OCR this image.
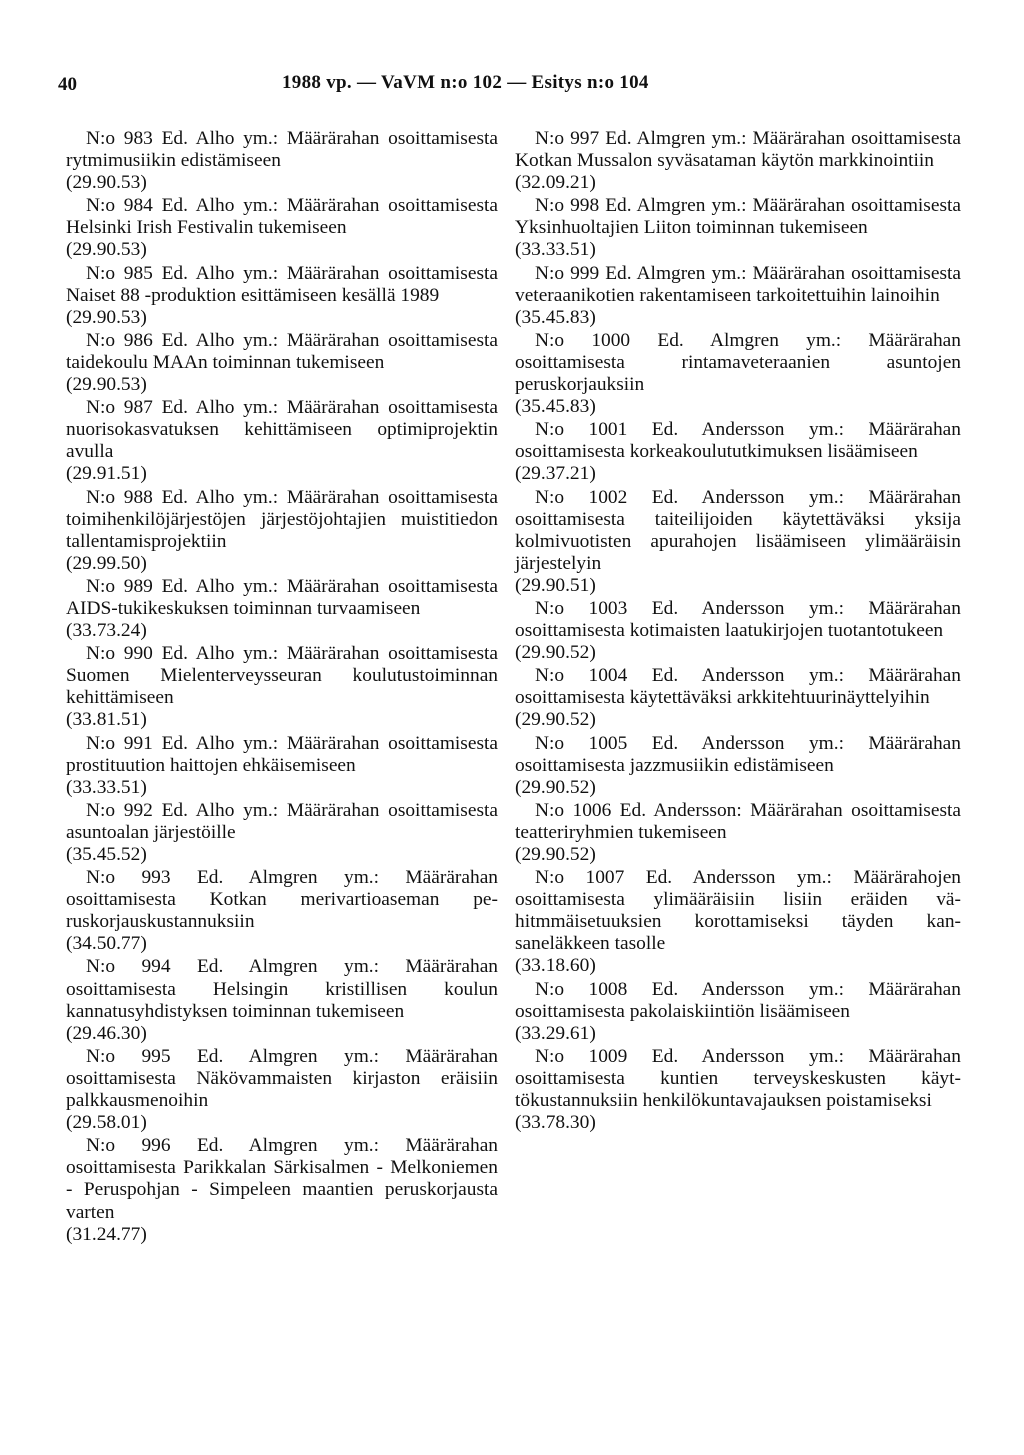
40	1988 vp. — VaVM n:o 102 — Esitys n:o 104

N:o 983 Ed. Alho ym.: Määrärahan osoittamisesta rytmimusiikin edistämiseen

(29.90.53)

N:o 984 Ed. Alho ym.: Määrärahan osoittamisesta Helsinki Irish Festivalin tukemiseen

(29.90.53)

N:o 985 Ed. Alho ym.: Määrärahan osoittamisesta Naiset 88 -produktion esittämiseen kesällä 1989

(29.90.53)

N:o 986 Ed. Alho ym.: Määrärahan osoittamisesta taidekoulu MAAn toiminnan tukemiseen

(29.90.53)

N:o 987 Ed. Alho ym.: Määrärahan osoittamisesta nuorisokasvatuksen kehittämiseen optimiprojektin avulla

(29.91.51)

N:o 988 Ed. Alho ym.: Määrärahan osoittamisesta toimihenkilöjärjestöjen järjestöjohtajien muistitiedon tallentamisprojektiin

(29.99.50)

N:o 989 Ed. Alho ym.: Määrärahan osoittamisesta AIDS-tukikeskuksen toiminnan turvaamiseen

(33.73.24)

N:o 990 Ed. Alho ym.: Määrärahan osoittamisesta Suomen Mielenterveysseuran koulutustoiminnan kehittämiseen

(33.81.51)

N:o 991 Ed. Alho ym.: Määrärahan osoittamisesta prostituution haittojen ehkäisemiseen

(33.33.51)

N:o 992 Ed. Alho ym.: Määrärahan osoittamisesta asuntoalan järjestöille

(35.45.52)

N:o 993 Ed. Almgren ym.: Määrärahan osoittamisesta Kotkan merivartioaseman peruskorjauskustannuksiin

(34.50.77)

N:o 994 Ed. Almgren ym.: Määrärahan osoittamisesta Helsingin kristillisen koulun kannatusyhdistyksen toiminnan tukemiseen

(29.46.30)

N:o 995 Ed. Almgren ym.: Määrärahan osoittamisesta Näkövammaisten kirjaston eräisiin palkkausmenoihin

(29.58.01)

N:o 996 Ed. Almgren ym.: Määrärahan osoittamisesta Parikkalan Särkisalmen - Melkoniemen - Peruspohjan - Simpeleen maantien peruskorjausta varten

(31.24.77)

N:o 997 Ed. Almgren ym.: Määrärahan osoittamisesta Kotkan Mussalon syväsataman käytön markkinointiin

(32.09.21)

N:o 998 Ed. Almgren ym.: Määrärahan osoittamisesta Yksinhuoltajien Liiton toiminnan tukemiseen

(33.33.51)

N:o 999 Ed. Almgren ym.: Määrärahan osoittamisesta veteraanikotien rakentamiseen tarkoitettuihin lainoihin

(35.45.83)

N:o 1000 Ed. Almgren ym.: Määrärahan osoittamisesta rintamaveteraanien asuntojen peruskorjauksiin

(35.45.83)

N:o 1001 Ed. Andersson ym.: Määrärahan osoittamisesta korkeakoulututkimuksen lisäämiseen

(29.37.21)

N:o 1002 Ed. Andersson ym.: Määrärahan osoittamisesta taiteilijoiden käytettäväksi yksija kolmivuotisten apurahojen lisäämiseen ylimääräisin järjestelyin

(29.90.51)

N:o 1003 Ed. Andersson ym.: Määrärahan osoittamisesta kotimaisten laatukirjojen tuotantotukeen

(29.90.52)

N:o 1004 Ed. Andersson ym.: Määrärahan osoittamisesta käytettäväksi arkkitehtuurinäyttelyihin

(29.90.52)

N:o 1005 Ed. Andersson ym.: Määrärahan osoittamisesta jazzmusiikin edistämiseen

(29.90.52)

N:o 1006 Ed. Andersson: Määrärahan osoittamisesta teatteriryhmien tukemiseen

(29.90.52)

N:o 1007 Ed. Andersson ym.: Määrärahojen osoittamisesta ylimääräisiin lisiin eräiden vähitmmäisetuuksien korottamiseksi täyden kansaneläkkeen tasolle

(33.18.60)

N:o 1008 Ed. Andersson ym.: Määrärahan osoittamisesta pakolaiskiintiön lisäämiseen

(33.29.61)

N:o 1009 Ed. Andersson ym.: Määrärahan osoittamisesta kuntien terveyskeskusten käyttökustannuksiin henkilökuntavajauksen poistamiseksi

(33.78.30)
